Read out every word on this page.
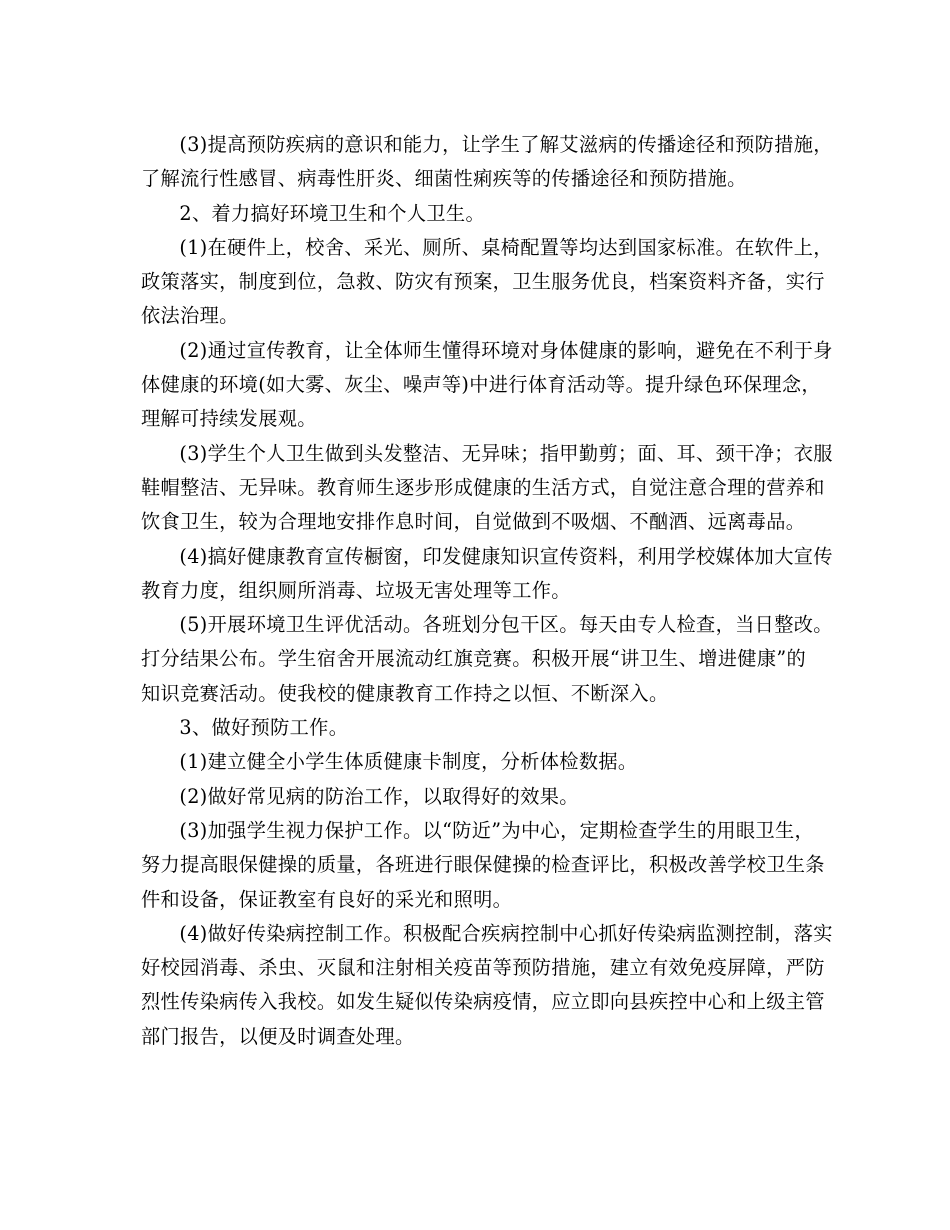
(3)提高预防疾病的意识和能力，让学生了解艾滋病的传播途径和预防措施，
了解流行性感冒、病毒性肝炎、细菌性痢疾等的传播途径和预防措施。
2、着力搞好环境卫生和个人卫生。
(1)在硬件上，校舍、采光、厕所、桌椅配置等均达到国家标准。在软件上，
政策落实，制度到位，急救、防灾有预案，卫生服务优良，档案资料齐备，实行
依法治理。
(2)通过宣传教育，让全体师生懂得环境对身体健康的影响，避免在不利于身
体健康的环境(如大雾、灰尘、噪声等)中进行体育活动等。提升绿色环保理念，
理解可持续发展观。
(3)学生个人卫生做到头发整洁、无异味；指甲勤剪；面、耳、颈干净；衣服
鞋帽整洁、无异味。教育师生逐步形成健康的生活方式，自觉注意合理的营养和
饮食卫生，较为合理地安排作息时间，自觉做到不吸烟、不酗酒、远离毒品。
(4)搞好健康教育宣传橱窗，印发健康知识宣传资料，利用学校媒体加大宣传
教育力度，组织厕所消毒、垃圾无害处理等工作。
(5)开展环境卫生评优活动。各班划分包干区。每天由专人检查，当日整改。
打分结果公布。学生宿舍开展流动红旗竞赛。积极开展“讲卫生、增进健康”的
知识竞赛活动。使我校的健康教育工作持之以恒、不断深入。
3、做好预防工作。
(1)建立健全小学生体质健康卡制度，分析体检数据。
(2)做好常见病的防治工作，以取得好的效果。
(3)加强学生视力保护工作。以“防近”为中心，定期检查学生的用眼卫生，
努力提高眼保健操的质量，各班进行眼保健操的检查评比，积极改善学校卫生条
件和设备，保证教室有良好的采光和照明。
(4)做好传染病控制工作。积极配合疾病控制中心抓好传染病监测控制，落实
好校园消毒、杀虫、灭鼠和注射相关疫苗等预防措施，建立有效免疫屏障，严防
烈性传染病传入我校。如发生疑似传染病疫情，应立即向县疾控中心和上级主管
部门报告，以便及时调查处理。
